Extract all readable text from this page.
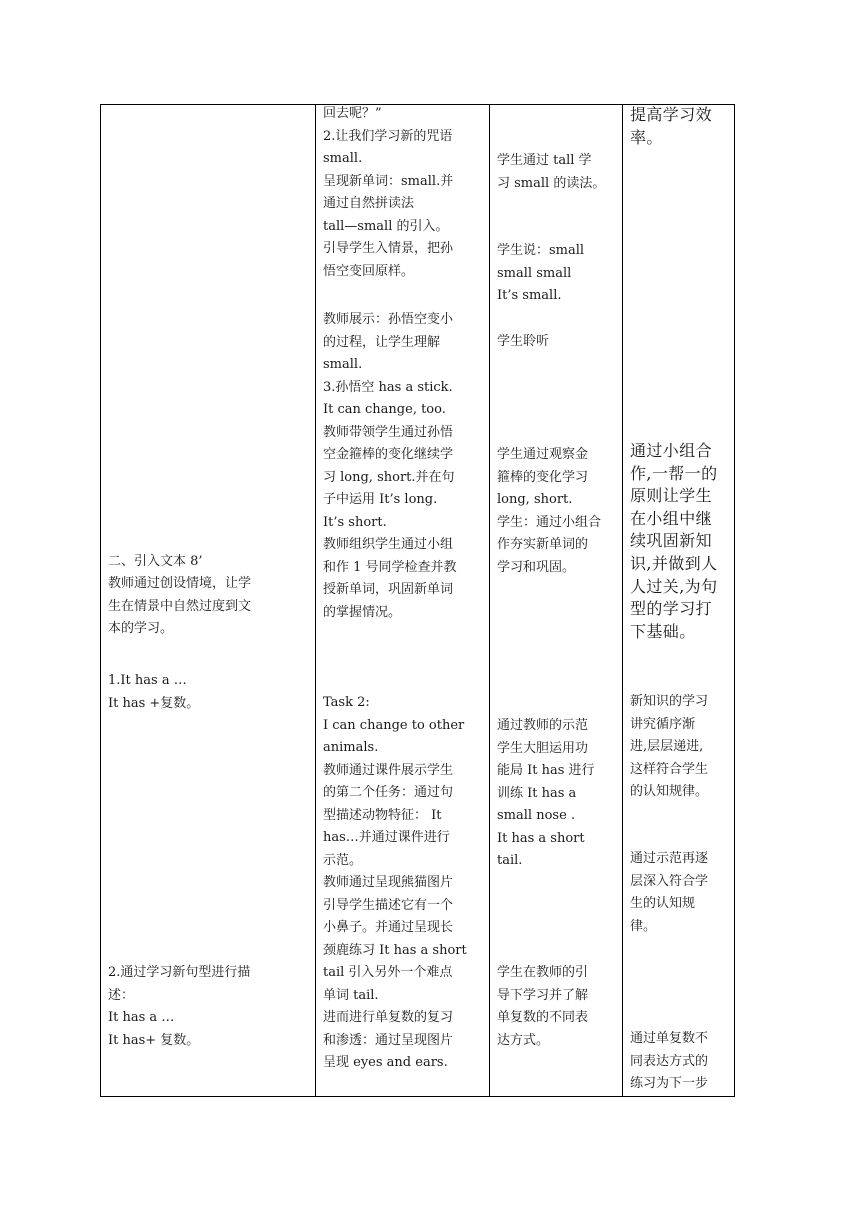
二、引入文本 8’
教师通过创设情境，让学
生在情景中自然过度到文
本的学习。
1.It has a …
It has +复数。
2.通过学习新句型进行描
述：
It has a …
It has+ 复数。
回去呢？”
2.让我们学习新的咒语
small.
呈现新单词：small.并
通过自然拼读法
tall—small 的引入。
引导学生入情景，把孙
悟空变回原样。
教师展示：孙悟空变小
的过程，让学生理解
small.
3.孙悟空 has a stick.
It can change, too.
教师带领学生通过孙悟
空金箍棒的变化继续学
习 long, short.并在句
子中运用 It’s long.
It’s short.
教师组织学生通过小组
和作 1 号同学检查并教
授新单词，巩固新单词
的掌握情况。
Task 2:
I can change to other
animals.
教师通过课件展示学生
的第二个任务：通过句
型描述动物特征： It
has…并通过课件进行
示范。
教师通过呈现熊猫图片
引导学生描述它有一个
小鼻子。并通过呈现长
颈鹿练习 It has a short
tail 引入另外一个难点
单词 tail.
进而进行单复数的复习
和渗透：通过呈现图片
呈现 eyes and ears.
学生通过 tall 学
习 small 的读法。
学生说：small
small small
It’s small.
学生聆听
学生通过观察金
箍棒的变化学习
long, short.
学生：通过小组合
作夯实新单词的
学习和巩固。
通过教师的示范
学生大胆运用功
能局 It has 进行
训练 It has a
small nose .
It has a short
tail.
学生在教师的引
导下学习并了解
单复数的不同表
达方式。
提高学习效
率。
通过小组合
作,一帮一的
原则让学生
在小组中继
续巩固新知
识,并做到人
人过关,为句
型的学习打
下基础。
新知识的学习
讲究循序渐
进,层层递进,
这样符合学生
的认知规律。
通过示范再逐
层深入符合学
生的认知规
律。
通过单复数不
同表达方式的
练习为下一步
